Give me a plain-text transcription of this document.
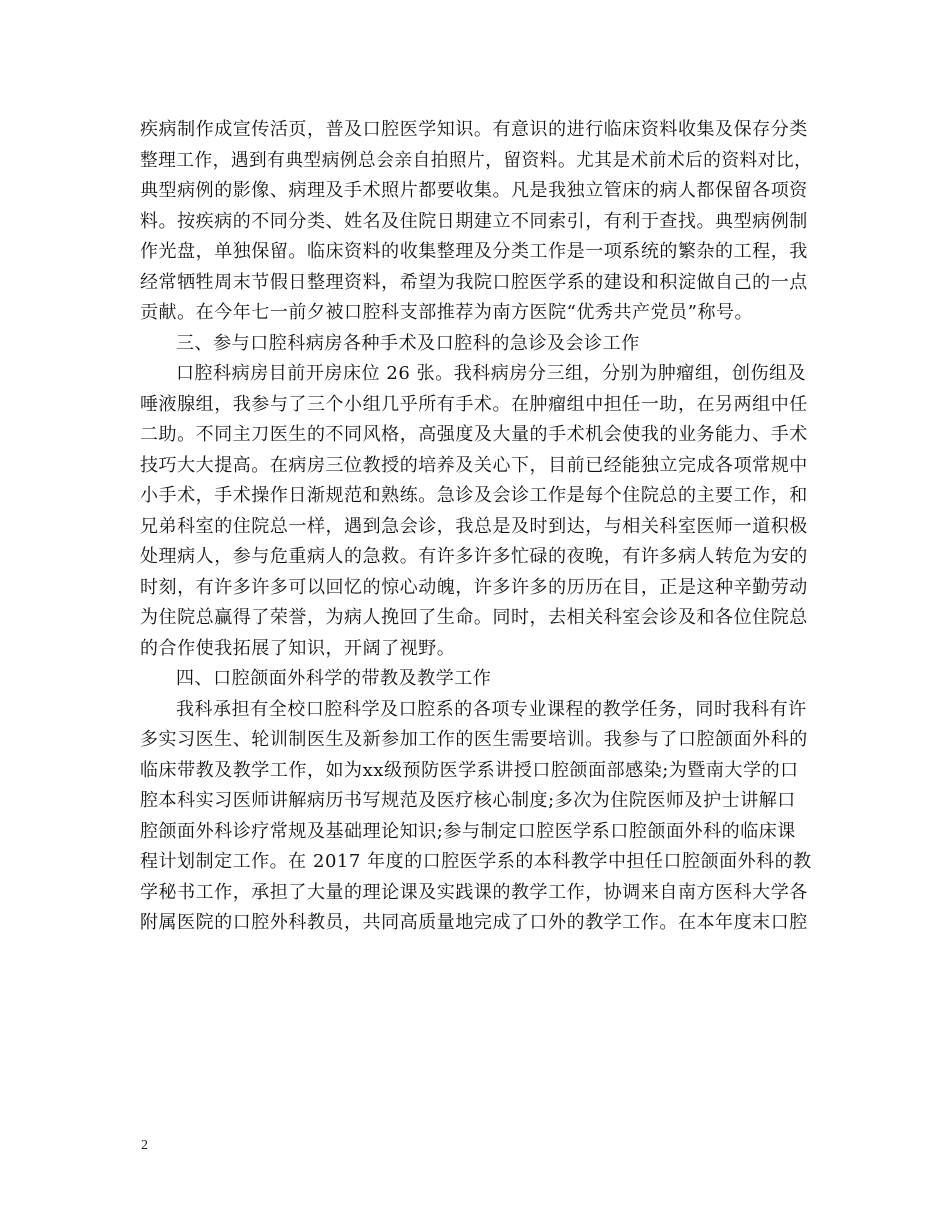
疾病制作成宣传活页，普及口腔医学知识。有意识的进行临床资料收集及保存分类
整理工作，遇到有典型病例总会亲自拍照片，留资料。尤其是术前术后的资料对比，
典型病例的影像、病理及手术照片都要收集。凡是我独立管床的病人都保留各项资
料。按疾病的不同分类、姓名及住院日期建立不同索引，有利于查找。典型病例制
作光盘，单独保留。临床资料的收集整理及分类工作是一项系统的繁杂的工程，我
经常牺牲周末节假日整理资料，希望为我院口腔医学系的建设和积淀做自己的一点
贡献。在今年七一前夕被口腔科支部推荐为南方医院“优秀共产党员”称号。
三、参与口腔科病房各种手术及口腔科的急诊及会诊工作
口腔科病房目前开房床位 26 张。我科病房分三组，分别为肿瘤组，创伤组及
唾液腺组，我参与了三个小组几乎所有手术。在肿瘤组中担任一助，在另两组中任
二助。不同主刀医生的不同风格，高强度及大量的手术机会使我的业务能力、手术
技巧大大提高。在病房三位教授的培养及关心下，目前已经能独立完成各项常规中
小手术，手术操作日渐规范和熟练。急诊及会诊工作是每个住院总的主要工作，和
兄弟科室的住院总一样，遇到急会诊，我总是及时到达，与相关科室医师一道积极
处理病人，参与危重病人的急救。有许多许多忙碌的夜晚，有许多病人转危为安的
时刻，有许多许多可以回忆的惊心动魄，许多许多的历历在目，正是这种辛勤劳动
为住院总赢得了荣誉，为病人挽回了生命。同时，去相关科室会诊及和各位住院总
的合作使我拓展了知识，开阔了视野。
四、口腔颌面外科学的带教及教学工作
我科承担有全校口腔科学及口腔系的各项专业课程的教学任务，同时我科有许
多实习医生、轮训制医生及新参加工作的医生需要培训。我参与了口腔颌面外科的
临床带教及教学工作，如为xx级预防医学系讲授口腔颌面部感染;为暨南大学的口
腔本科实习医师讲解病历书写规范及医疗核心制度;多次为住院医师及护士讲解口
腔颌面外科诊疗常规及基础理论知识;参与制定口腔医学系口腔颌面外科的临床课
程计划制定工作。在 2017 年度的口腔医学系的本科教学中担任口腔颌面外科的教
学秘书工作，承担了大量的理论课及实践课的教学工作，协调来自南方医科大学各
附属医院的口腔外科教员，共同高质量地完成了口外的教学工作。在本年度末口腔
2
